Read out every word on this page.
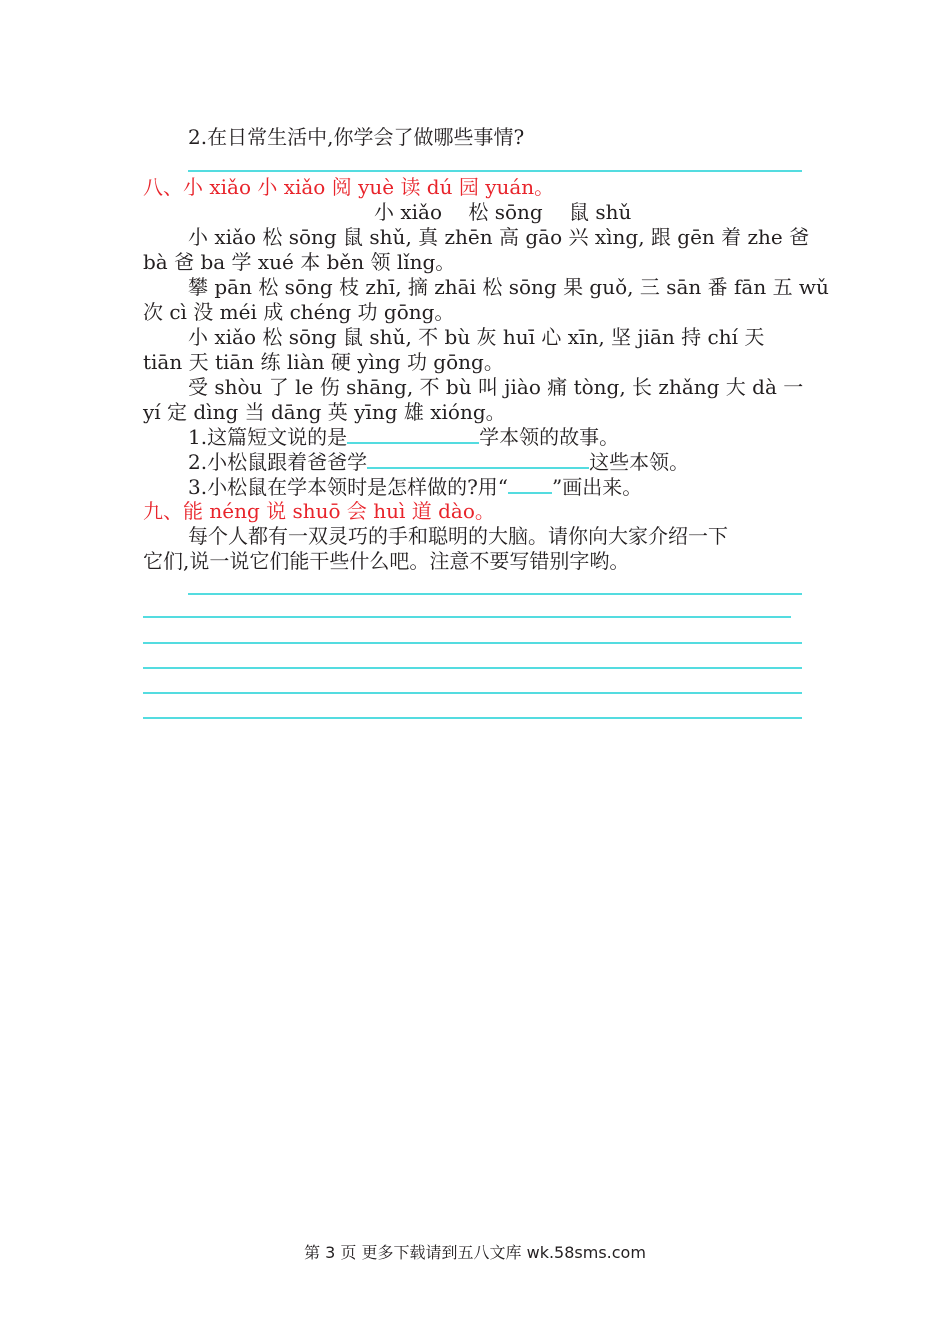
2.在日常生活中,你学会了做哪些事情?
八、小 xiǎo 小 xiǎo 阅 yuè 读 dú 园 yuán。
小 xiǎo　 松 sōng　 鼠 shǔ
小 xiǎo 松 sōng 鼠 shǔ, 真 zhēn 高 gāo 兴 xìng, 跟 gēn 着 zhe 爸
bà 爸 ba 学 xué 本 běn 领 lǐng。
攀 pān 松 sōng 枝 zhī, 摘 zhāi 松 sōng 果 guǒ, 三 sān 番 fān 五 wǔ
次 cì 没 méi 成 chéng 功 gōng。
小 xiǎo 松 sōng 鼠 shǔ, 不 bù 灰 huī 心 xīn, 坚 jiān 持 chí 天
tiān 天 tiān 练 liàn 硬 yìng 功 gōng。
受 shòu 了 le 伤 shāng, 不 bù 叫 jiào 痛 tòng, 长 zhǎng 大 dà 一
yí 定 dìng 当 dāng 英 yīng 雄 xióng。
1.这篇短文说的是	学本领的故事。
2.小松鼠跟着爸爸学	这些本领。
3.小松鼠在学本领时是怎样做的?用“ ”画出来。
九、能 néng 说 shuō 会 huì 道 dào。
每个人都有一双灵巧的手和聪明的大脑。请你向大家介绍一下
它们,说一说它们能干些什么吧。注意不要写错别字哟。
第 3 页 更多下载请到五八文库 wk.58sms.com
